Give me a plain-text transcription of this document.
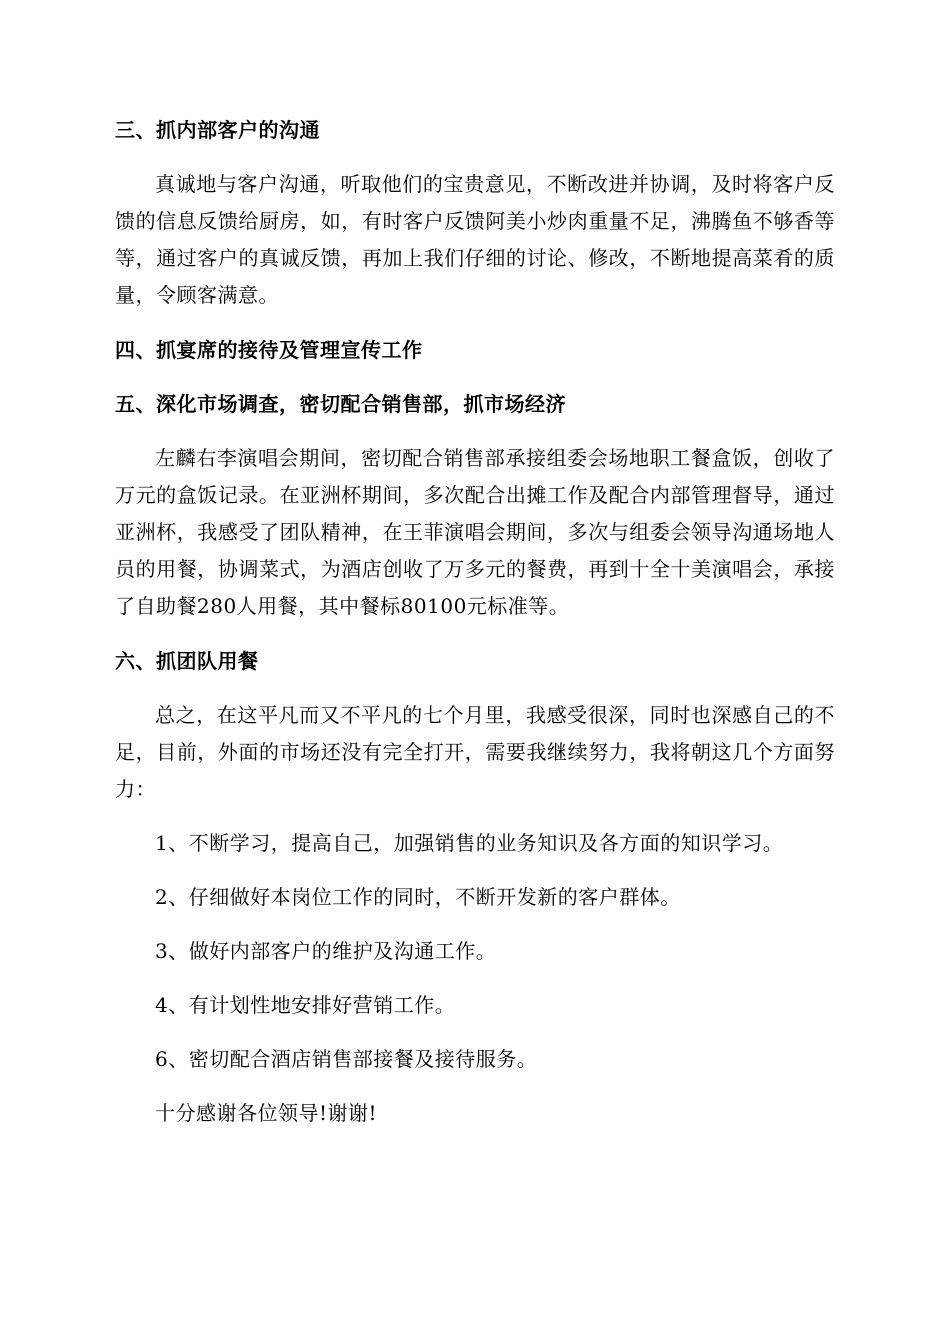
三、抓内部客户的沟通

真诚地与客户沟通，听取他们的宝贵意见，不断改进并协调，及时将客户反馈的信息反馈给厨房，如，有时客户反馈阿美小炒肉重量不足，沸腾鱼不够香等等，通过客户的真诚反馈，再加上我们仔细的讨论、修改，不断地提高菜肴的质量，令顾客满意。

四、抓宴席的接待及管理宣传工作

五、深化市场调查，密切配合销售部，抓市场经济

左麟右李演唱会期间，密切配合销售部承接组委会场地职工餐盒饭，创收了万元的盒饭记录。在亚洲杯期间，多次配合出摊工作及配合内部管理督导，通过亚洲杯，我感受了团队精神，在王菲演唱会期间，多次与组委会领导沟通场地人员的用餐，协调菜式，为酒店创收了万多元的餐费，再到十全十美演唱会，承接了自助餐280人用餐，其中餐标80100元标准等。

六、抓团队用餐

总之，在这平凡而又不平凡的七个月里，我感受很深，同时也深感自己的不足，目前，外面的市场还没有完全打开，需要我继续努力，我将朝这几个方面努力：

1、不断学习，提高自己，加强销售的业务知识及各方面的知识学习。

2、仔细做好本岗位工作的同时，不断开发新的客户群体。

3、做好内部客户的维护及沟通工作。

4、有计划性地安排好营销工作。

6、密切配合酒店销售部接餐及接待服务。

十分感谢各位领导!谢谢!
